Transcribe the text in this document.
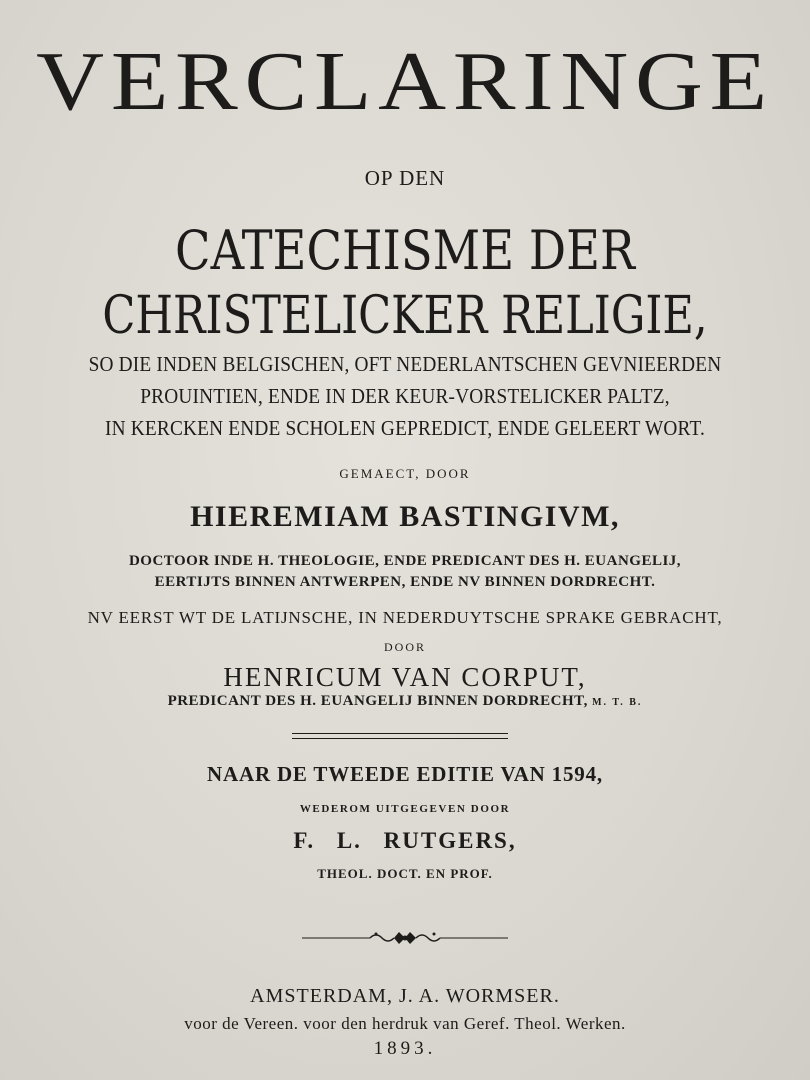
VERCLARINGE

OP DEN

CATECHISME DER

CHRISTELICKER RELIGIE,

SO DIE INDEN BELGISCHEN, OFT NEDERLANTSCHEN GEVNIEERDEN

PROUINTIEN, ENDE IN DER KEUR-VORSTELICKER PALTZ,

IN KERCKEN ENDE SCHOLEN GEPREDICT, ENDE GELEERT WORT.

GEMAECT, DOOR

HIEREMIAM BASTINGIVM,

DOCTOOR INDE H. THEOLOGIE, ENDE PREDICANT DES H. EUANGELIJ,

EERTIJTS BINNEN ANTWERPEN, ENDE NV BINNEN DORDRECHT.

NV EERST WT DE LATIJNSCHE, IN NEDERDUYTSCHE SPRAKE GEBRACHT,

DOOR

HENRICUM VAN CORPUT,

PREDICANT DES H. EUANGELIJ BINNEN DORDRECHT, M. T. B.

NAAR DE TWEEDE EDITIE VAN 1594,

WEDEROM UITGEGEVEN DOOR

F. L. RUTGERS,

THEOL. DOCT. EN PROF.

AMSTERDAM, J. A. WORMSER.

voor de Vereen. voor den herdruk van Geref. Theol. Werken.

1893.
